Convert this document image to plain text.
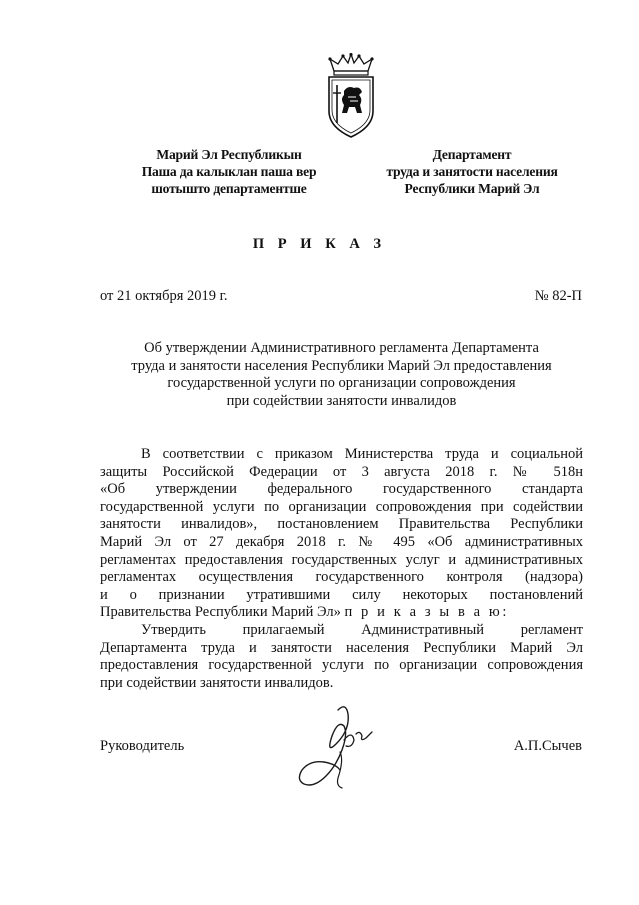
Марий Эл Республикын
Паша да калыклан паша вер
шотышто департаментше
Департамент
труда и занятости населения
Республики Марий Эл
П Р И К А З
от 21 октября 2019 г.	№ 82-П
Об утверждении Административного регламента Департамента
труда и занятости населения Республики Марий Эл предоставления
государственной услуги по организации сопровождения
при содействии занятости инвалидов
В соответствии с приказом Министерства труда и социальной
защиты Российской Федерации от 3 августа 2018 г. № 518н
«Об утверждении федерального государственного стандарта
государственной услуги по организации сопровождения при содействии
занятости инвалидов», постановлением Правительства Республики
Марий Эл от 27 декабря 2018 г. № 495 «Об административных
регламентах предоставления государственных услуг и административных
регламентах осуществления государственного контроля (надзора)
и о признании утратившими силу некоторых постановлений
Правительства Республики Марий Эл» п р и к а з ы в а ю:
Утвердить прилагаемый Административный регламент
Департамента труда и занятости населения Республики Марий Эл
предоставления государственной услуги по организации сопровождения
при содействии занятости инвалидов.
Руководитель	А.П.Сычев
